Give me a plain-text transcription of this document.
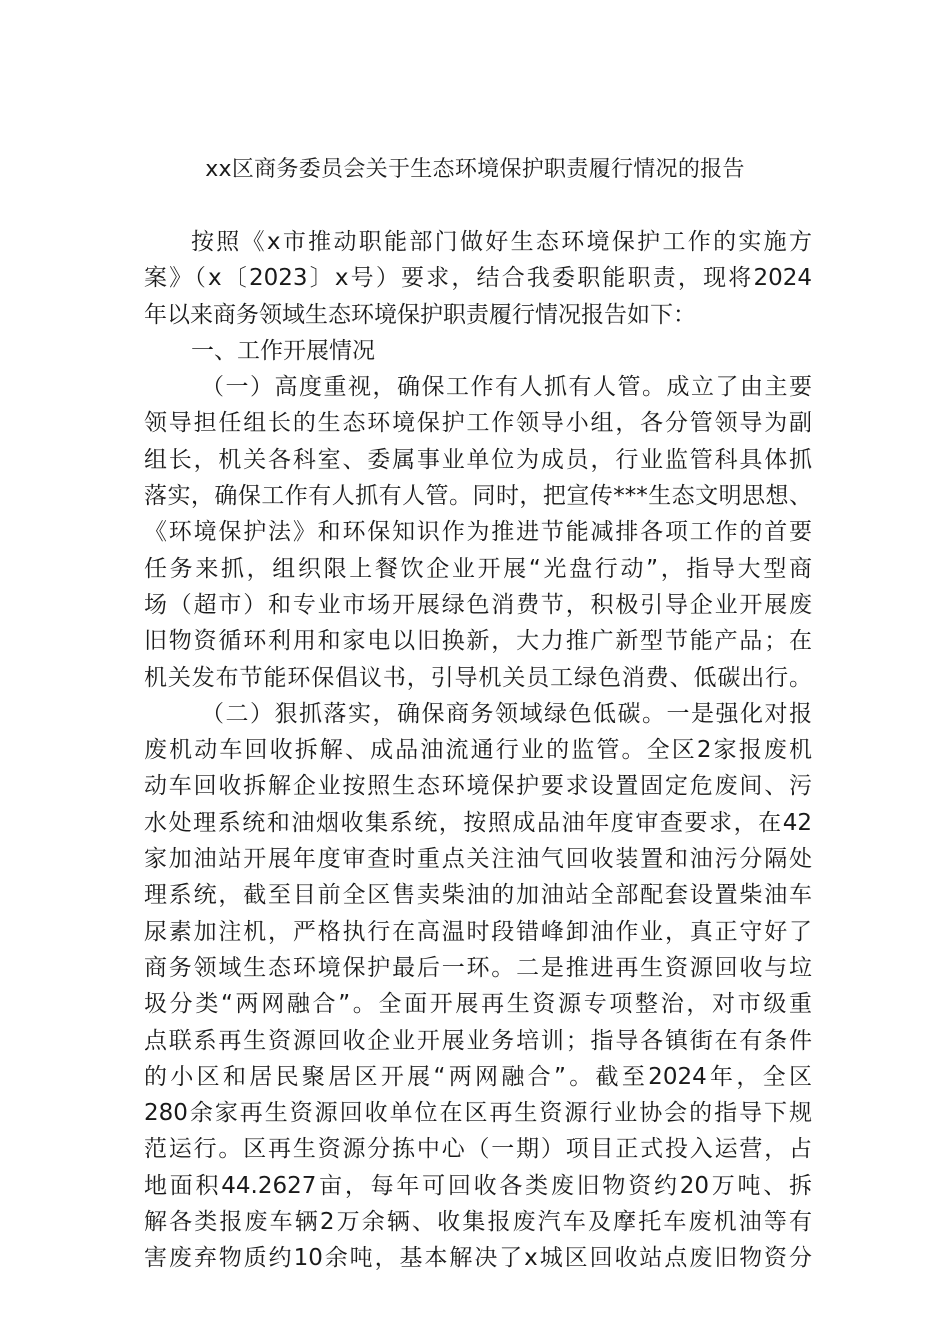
xx区商务委员会关于生态环境保护职责履行情况的报告
按照《x市推动职能部门做好生态环境保护工作的实施方
案》（x〔2023〕x号）要求，结合我委职能职责，现将2024
年以来商务领域生态环境保护职责履行情况报告如下：
一、工作开展情况
（一）高度重视，确保工作有人抓有人管。成立了由主要
领导担任组长的生态环境保护工作领导小组，各分管领导为副
组长，机关各科室、委属事业单位为成员，行业监管科具体抓
落实，确保工作有人抓有人管。同时，把宣传***生态文明思想、
《环境保护法》和环保知识作为推进节能减排各项工作的首要
任务来抓，组织限上餐饮企业开展“光盘行动”，指导大型商
场（超市）和专业市场开展绿色消费节，积极引导企业开展废
旧物资循环利用和家电以旧换新，大力推广新型节能产品；在
机关发布节能环保倡议书，引导机关员工绿色消费、低碳出行。
（二）狠抓落实，确保商务领域绿色低碳。一是强化对报
废机动车回收拆解、成品油流通行业的监管。全区2家报废机
动车回收拆解企业按照生态环境保护要求设置固定危废间、污
水处理系统和油烟收集系统，按照成品油年度审查要求，在42
家加油站开展年度审查时重点关注油气回收装置和油污分隔处
理系统，截至目前全区售卖柴油的加油站全部配套设置柴油车
尿素加注机，严格执行在高温时段错峰卸油作业，真正守好了
商务领域生态环境保护最后一环。二是推进再生资源回收与垃
圾分类“两网融合”。全面开展再生资源专项整治，对市级重
点联系再生资源回收企业开展业务培训；指导各镇街在有条件
的小区和居民聚居区开展“两网融合”。截至2024年，全区
280余家再生资源回收单位在区再生资源行业协会的指导下规
范运行。区再生资源分拣中心（一期）项目正式投入运营，占
地面积44.2627亩，每年可回收各类废旧物资约20万吨、拆
解各类报废车辆2万余辆、收集报废汽车及摩托车废机油等有
害废弃物质约10余吨，基本解决了x城区回收站点废旧物资分
